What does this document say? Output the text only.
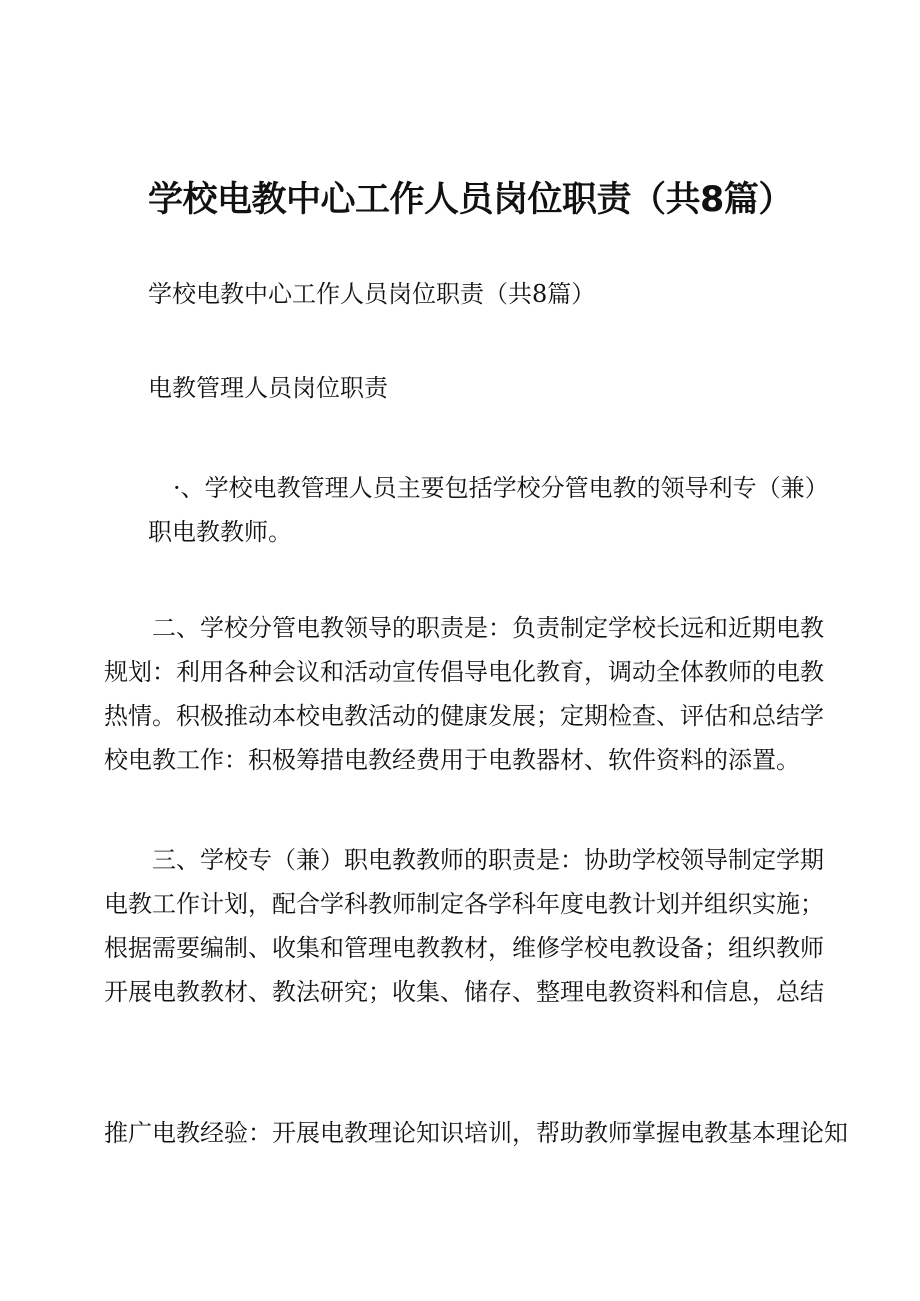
学校电教中心工作人员岗位职责（共8篇）

学校电教中心工作人员岗位职责（共8篇）

电教管理人员岗位职责

·、学校电教管理人员主要包括学校分管电教的领导利专（兼）职电教教师。

二、学校分管电教领导的职责是：负责制定学校长远和近期电教规划：利用各种会议和活动宣传倡导电化教育，调动全体教师的电教热情。积极推动本校电教活动的健康发展；定期检查、评估和总结学校电教工作：积极筹措电教经费用于电教器材、软件资料的添置。

三、学校专（兼）职电教教师的职责是：协助学校领导制定学期电教工作计划，配合学科教师制定各学科年度电教计划并组织实施；根据需要编制、收集和管理电教教材，维修学校电教设备；组织教师开展电教教材、教法研究；收集、储存、整理电教资料和信息，总结

推广电教经验：开展电教理论知识培训，帮助教师掌握电教基本理论知
